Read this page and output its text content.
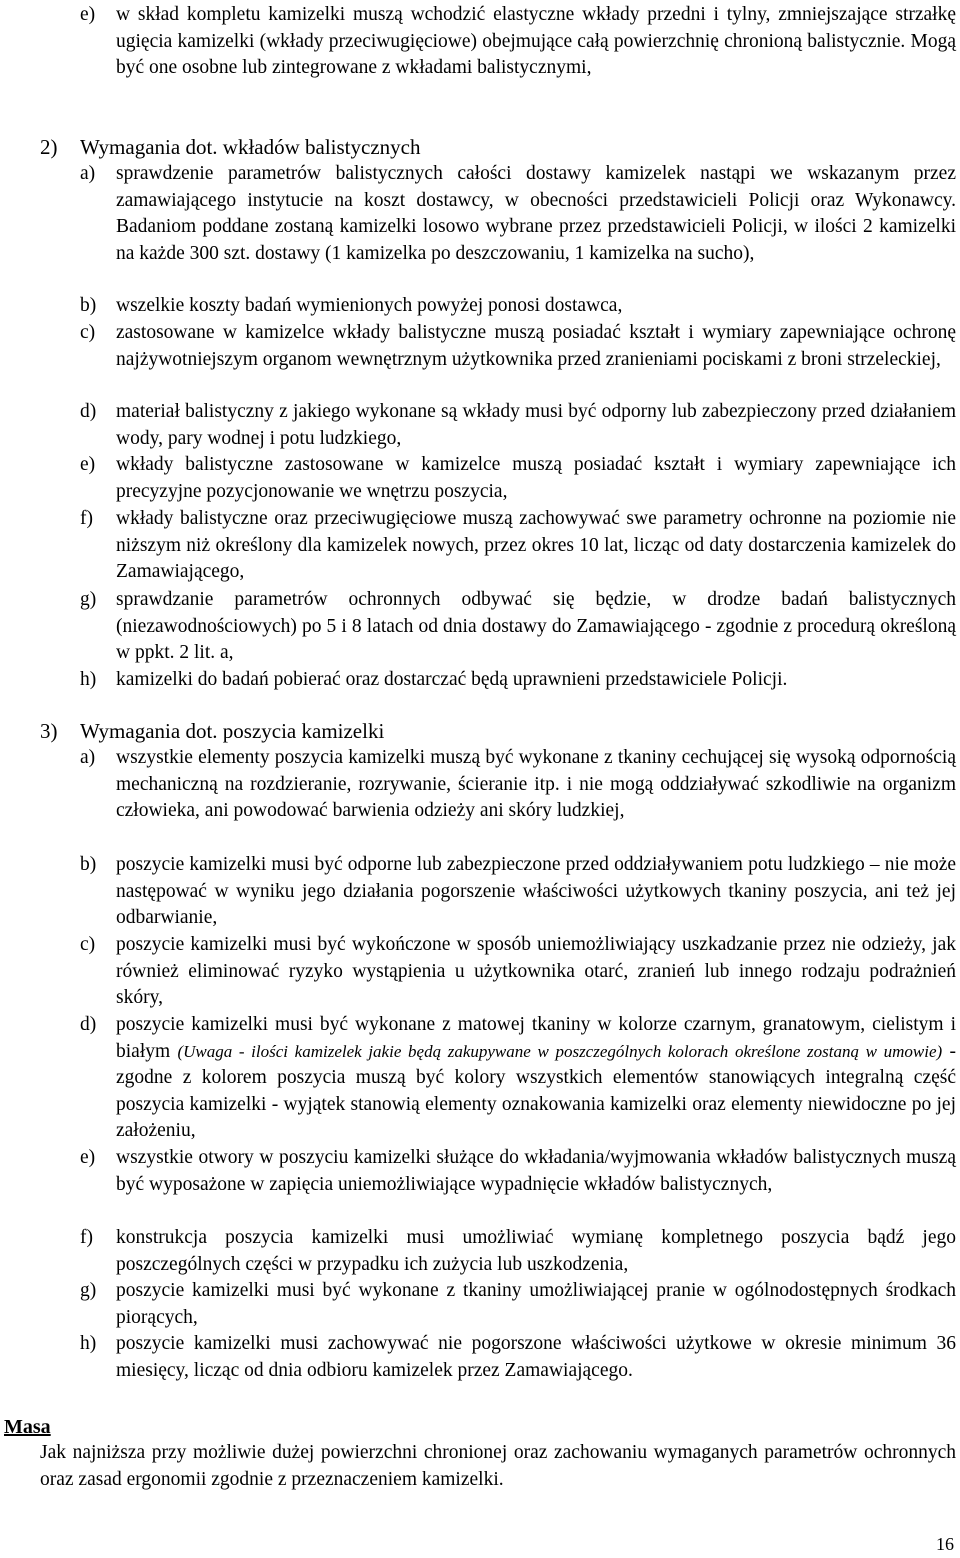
e)	w skład kompletu kamizelki muszą wchodzić elastyczne wkłady przedni i tylny, zmniejszające strzałkę ugięcia kamizelki (wkłady przeciwugięciowe) obejmujące całą powierzchnię chronioną balistycznie. Mogą być one osobne lub zintegrowane z wkładami balistycznymi,
2)	Wymagania dot. wkładów balistycznych
a)	sprawdzenie parametrów balistycznych całości dostawy kamizelek nastąpi we wskazanym przez zamawiającego instytucie na koszt dostawcy, w obecności przedstawicieli Policji oraz Wykonawcy. Badaniom poddane zostaną kamizelki losowo wybrane przez przedstawicieli Policji, w ilości 2 kamizelki na każde 300 szt. dostawy (1 kamizelka po deszczowaniu, 1 kamizelka na sucho),
b)	wszelkie koszty badań wymienionych powyżej ponosi dostawca,
c)	zastosowane w kamizelce wkłady balistyczne muszą posiadać kształt i wymiary zapewniające ochronę najżywotniejszym organom wewnętrznym użytkownika przed zranieniami pociskami z broni strzeleckiej,
d)	materiał balistyczny z jakiego wykonane są wkłady musi być odporny lub zabezpieczony przed działaniem wody, pary wodnej i potu ludzkiego,
e)	wkłady balistyczne zastosowane w kamizelce muszą posiadać kształt i wymiary zapewniające ich precyzyjne pozycjonowanie we wnętrzu poszycia,
f)	wkłady balistyczne oraz przeciwugięciowe muszą zachowywać swe parametry ochronne na poziomie nie niższym niż określony dla kamizelek nowych, przez okres 10 lat, licząc od daty dostarczenia kamizelek do Zamawiającego,
g)	sprawdzanie parametrów ochronnych odbywać się będzie, w drodze badań balistycznych (niezawodnościowych) po 5 i 8 latach od dnia dostawy do Zamawiającego - zgodnie z procedurą określoną w ppkt. 2 lit. a,
h)	kamizelki do badań pobierać oraz dostarczać będą uprawnieni przedstawiciele Policji.
3)	Wymagania dot. poszycia kamizelki
a)	wszystkie elementy poszycia kamizelki muszą być wykonane z tkaniny cechującej się wysoką odpornością mechaniczną na rozdzieranie, rozrywanie, ścieranie itp. i nie mogą oddziaływać szkodliwie na organizm człowieka, ani powodować barwienia odzieży ani skóry ludzkiej,
b)	poszycie kamizelki musi być odporne lub zabezpieczone przed oddziaływaniem potu ludzkiego – nie może następować w wyniku jego działania pogorszenie właściwości użytkowych tkaniny poszycia, ani też jej odbarwianie,
c)	poszycie kamizelki musi być wykończone w sposób uniemożliwiający uszkadzanie przez nie odzieży, jak również eliminować ryzyko wystąpienia u użytkownika otarć, zranień lub innego rodzaju podrażnień skóry,
d)	poszycie kamizelki musi być wykonane z matowej tkaniny w kolorze czarnym, granatowym, cielistym i białym (Uwaga - ilości kamizelek jakie będą zakupywane w poszczególnych kolorach określone zostaną w umowie) - zgodne z kolorem poszycia muszą być kolory wszystkich elementów stanowiących integralną część poszycia kamizelki - wyjątek stanowią elementy oznakowania kamizelki oraz elementy niewidoczne po jej założeniu,
e)	wszystkie otwory w poszyciu kamizelki służące do wkładania/wyjmowania wkładów balistycznych muszą być wyposażone w zapięcia uniemożliwiające wypadnięcie wkładów balistycznych,
f)	konstrukcja poszycia kamizelki musi umożliwiać wymianę kompletnego poszycia bądź jego poszczególnych części w przypadku ich zużycia lub uszkodzenia,
g)	poszycie kamizelki musi być wykonane z tkaniny umożliwiającej pranie w ogólnodostępnych środkach piorących,
h)	poszycie kamizelki musi zachowywać nie pogorszone właściwości użytkowe w okresie minimum 36 miesięcy, licząc od dnia odbioru kamizelek przez Zamawiającego.
Masa
Jak najniższa przy możliwie dużej powierzchni chronionej oraz zachowaniu wymaganych parametrów ochronnych oraz zasad ergonomii zgodnie z przeznaczeniem kamizelki.
16
